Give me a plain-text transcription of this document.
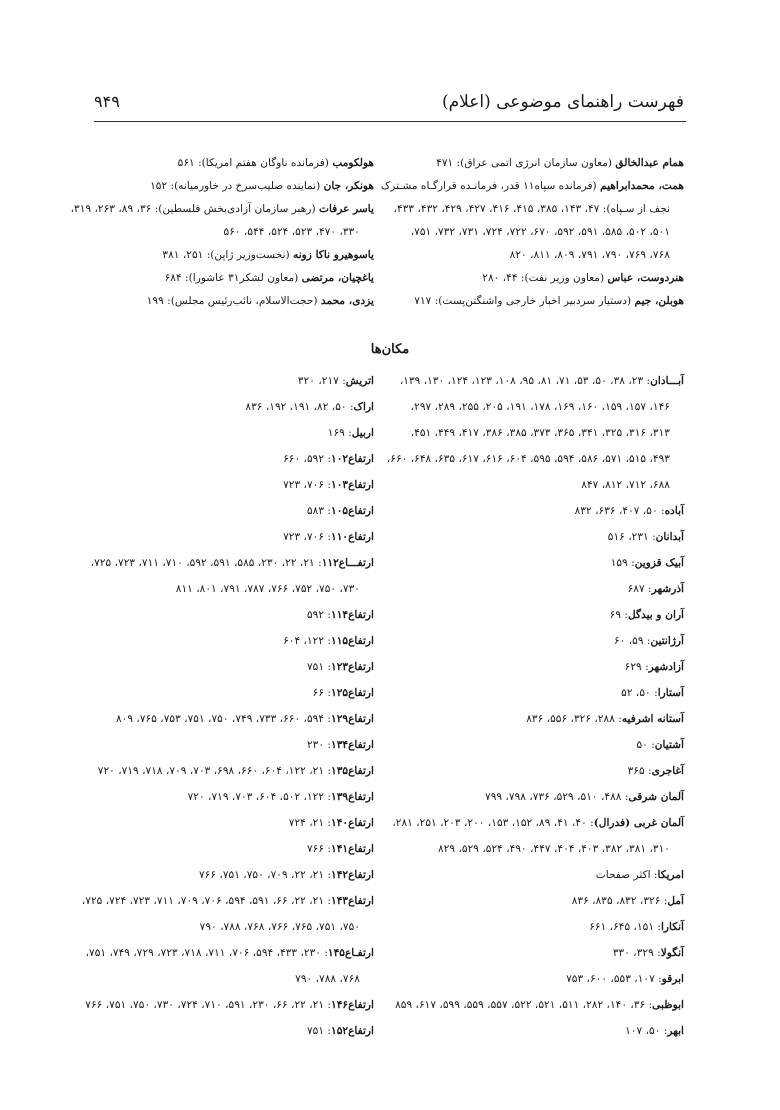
فهرست راهنمای موضوعی (اعلام)
۹۴۹
همام عبدالخالق (معاون سازمان انرژی اتمی عراق): ۴۷۱
همت، محمدابراهیم (فرمانده سپاه۱۱ قدر، فرمانـده قرارگـاه مشـترک
نجف از سـپاه): ۴۷، ۱۴۳، ۳۸۵، ۴۱۵، ۴۱۶، ۴۲۷، ۴۲۹، ۴۳۲، ۴۳۳،
۵۰۱، ۵۰۲، ۵۸۵، ۵۹۱، ۵۹۲، ۶۷۰، ۷۲۲، ۷۲۴، ۷۳۱، ۷۳۲، ۷۵۱،
۷۶۸، ۷۶۹، ۷۹۰، ۷۹۱، ۸۰۹، ۸۱۱، ۸۲۰
هنردوست، عباس (معاون وزیر نفت): ۴۴، ۲۸۰
هوبلن، جیم (دستیار سردبیر اخبار خارجی واشنگتن‌پست): ۷۱۷
هولکومب (فرمانده ناوگان هفتم امریکا): ۵۶۱
هونکر، جان (نماینده صلیب‌سرخ در خاورمیانه): ۱۵۲
یاسر عرفات (رهبر سازمان آزادی‌بخش فلسطین): ۳۶، ۸۹، ۲۶۳، ۳۱۹،
۳۳۰، ۴۷۰، ۵۲۳، ۵۲۴، ۵۴۴، ۵۶۰
یاسوهیرو ناکا زونه (نخست‌وزیر ژاپن): ۲۵۱، ۳۸۱
یاغچیان، مرتضی (معاون لشکر۳۱ عاشورا): ۶۸۴
یزدی، محمد (حجت‌الاسلام، نائب‌رئیس مجلس): ۱۹۹
مکان‌ها
آبـــادان: ۲۳، ۳۸، ۵۰، ۵۳، ۷۱، ۸۱، ۹۵، ۱۰۸، ۱۲۳، ۱۲۴، ۱۳۰، ۱۳۹،
۱۴۶، ۱۵۷، ۱۵۹، ۱۶۰، ۱۶۹، ۱۷۸، ۱۹۱، ۲۰۵، ۲۵۵، ۲۸۹، ۲۹۷،
۳۱۳، ۳۱۶، ۳۲۵، ۳۴۱، ۳۶۵، ۳۷۳، ۳۸۵، ۳۸۶، ۴۱۷، ۴۴۹، ۴۵۱،
۴۹۳، ۵۱۵، ۵۷۱، ۵۸۶، ۵۹۴، ۵۹۵، ۶۰۴، ۶۱۶، ۶۱۷، ۶۳۵، ۶۴۸، ۶۶۰،
۶۸۸، ۷۱۲، ۸۱۲، ۸۴۷
آباده: ۵۰، ۴۰۷، ۶۳۶، ۸۳۲
آبدانان: ۲۳۱، ۵۱۶
آبیک قزوین: ۱۵۹
آذرشهر: ۶۸۷
آران و بیدگل: ۶۹
آرژانتین: ۵۹، ۶۰
آزادشهر: ۶۲۹
آستارا: ۵۰، ۵۲
آستانه اشرفیه: ۲۸۸، ۳۲۶، ۵۵۶، ۸۳۶
آشتیان: ۵۰
آغاجری: ۳۶۵
آلمان شرقی: ۴۸۸، ۵۱۰، ۵۲۹، ۷۳۶، ۷۹۸، ۷۹۹
آلمان غربی (فدرال): ۴۰، ۴۱، ۸۹، ۱۵۲، ۱۵۳، ۲۰۰، ۲۰۳، ۲۵۱، ۲۸۱،
۳۱۰، ۳۸۱، ۳۸۲، ۴۰۳، ۴۰۴، ۴۴۷، ۴۹۰، ۵۲۴، ۵۲۹، ۸۲۹
امریکا: اکثر صفحات
آمل: ۳۲۶، ۸۳۲، ۸۳۵، ۸۳۶
آنکارا: ۱۵۱، ۶۴۵، ۶۶۱
آنگولا: ۳۲۹، ۳۳۰
ابرقو: ۱۰۷، ۵۵۳، ۶۰۰، ۷۵۳
ابوظبی: ۳۶، ۱۴۰، ۲۸۲، ۵۱۱، ۵۲۱، ۵۲۲، ۵۵۷، ۵۵۹، ۵۹۹، ۶۱۷، ۸۵۹
ابهر: ۵۰، ۱۰۷
اتریش: ۲۱۷، ۳۲۰
اراک: ۵۰، ۸۲، ۱۹۱، ۱۹۲، ۸۳۶
اربیل: ۱۶۹
ارتفاع۱۰۲: ۵۹۲، ۶۶۰
ارتفاع۱۰۳: ۷۰۶، ۷۲۳
ارتفاع۱۰۵: ۵۸۳
ارتفاع۱۱۰: ۷۰۶، ۷۲۳
ارتفـــاع۱۱۲: ۲۱، ۲۲، ۲۳۰، ۵۸۵، ۵۹۱، ۵۹۲، ۷۱۰، ۷۱۱، ۷۲۳، ۷۲۵،
۷۳۰، ۷۵۰، ۷۵۲، ۷۶۶، ۷۸۷، ۷۹۱، ۸۰۱، ۸۱۱
ارتفاع۱۱۴: ۵۹۲
ارتفاع۱۱۵: ۱۲۲، ۶۰۴
ارتفاع۱۲۳: ۷۵۱
ارتفاع۱۲۵: ۶۶
ارتفاع۱۲۹: ۵۹۴، ۶۶۰، ۷۳۳، ۷۴۹، ۷۵۰، ۷۵۱، ۷۵۳، ۷۶۵، ۸۰۹
ارتفاع۱۳۴: ۲۳۰
ارتفاع۱۳۵: ۲۱، ۱۲۲، ۶۰۴، ۶۶۰، ۶۹۸، ۷۰۳، ۷۰۹، ۷۱۸، ۷۱۹، ۷۲۰
ارتفاع۱۳۹: ۱۲۲، ۵۰۲، ۶۰۴، ۷۰۳، ۷۱۹، ۷۲۰
ارتفاع۱۴۰: ۲۱، ۷۲۴
ارتفاع۱۴۱: ۷۶۶
ارتفاع۱۴۲: ۲۱، ۲۲، ۷۰۹، ۷۵۰، ۷۵۱، ۷۶۶
ارتفاع۱۴۳: ۲۱، ۲۲، ۶۶، ۵۹۱، ۵۹۴، ۷۰۶، ۷۰۹، ۷۱۱، ۷۲۳، ۷۲۴، ۷۲۵،
۷۵۰، ۷۵۱، ۷۶۵، ۷۶۶، ۷۶۸، ۷۸۸، ۷۹۰
ارتفـاع۱۴۵: ۲۳۰، ۴۳۳، ۵۹۴، ۷۰۶، ۷۱۱، ۷۱۸، ۷۲۳، ۷۲۹، ۷۴۹، ۷۵۱،
۷۶۸، ۷۸۸، ۷۹۰
ارتفاع۱۴۶: ۲۱، ۲۲، ۶۶، ۲۳۰، ۵۹۱، ۷۱۰، ۷۲۴، ۷۳۰، ۷۵۰، ۷۵۱، ۷۶۶
ارتفاع۱۵۲: ۷۵۱
